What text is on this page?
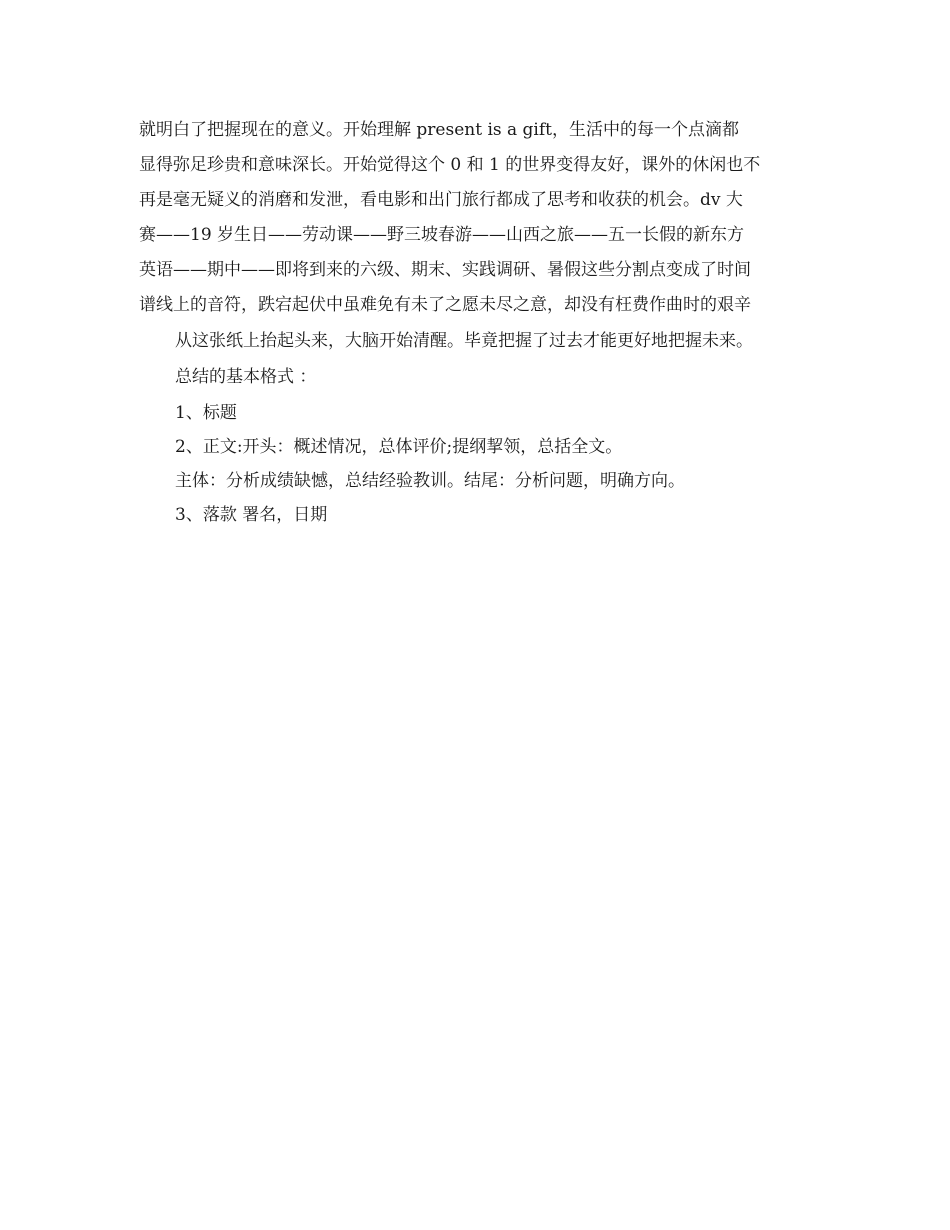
就明白了把握现在的意义。开始理解 present is a gift，生活中的每一个点滴都
显得弥足珍贵和意味深长。开始觉得这个 0 和 1 的世界变得友好，课外的休闲也不
再是毫无疑义的消磨和发泄，看电影和出门旅行都成了思考和收获的机会。dv 大
赛——19 岁生日——劳动课——野三坡春游——山西之旅——五一长假的新东方
英语——期中——即将到来的六级、期末、实践调研、暑假这些分割点变成了时间
谱线上的音符，跌宕起伏中虽难免有未了之愿未尽之意，却没有枉费作曲时的艰辛
从这张纸上抬起头来，大脑开始清醒。毕竟把握了过去才能更好地把握未来。
总结的基本格式 ：
1、标题
2、正文:开头：概述情况，总体评价;提纲挈领，总括全文。
主体：分析成绩缺憾，总结经验教训。结尾：分析问题，明确方向。
3、落款 署名，日期
